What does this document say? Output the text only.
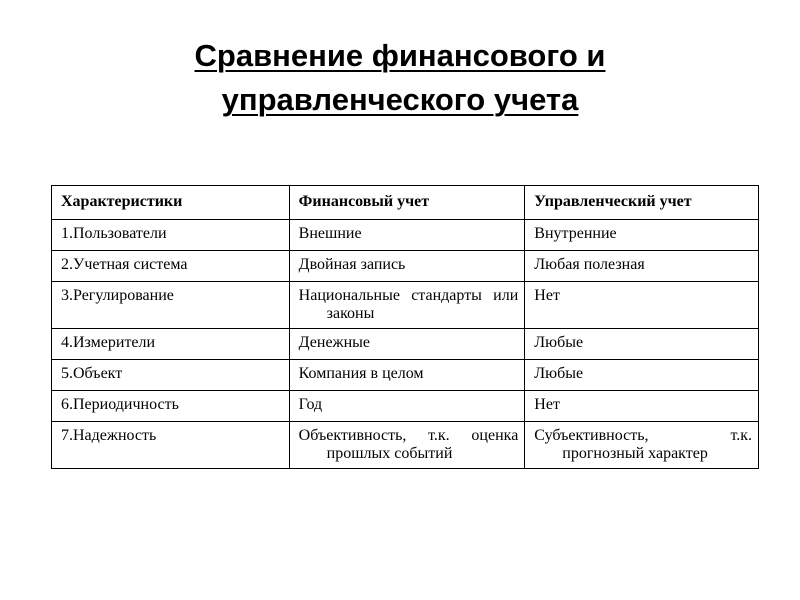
Сравнение финансового и
управленческого учета
Характеристики	Финансовый учет	Управленческий учет
1.Пользователи	Внешние	Внутренние
2.Учетная система	Двойная запись	Любая полезная
3.Регулирование	Национальные стандарты или законы	Нет
4.Измерители	Денежные	Любые
5.Объект	Компания в целом	Любые
6.Периодичность	Год	Нет
7.Надежность	Объективность, т.к. оценка прошлых событий	Субъективность, т.к. прогнозный характер
